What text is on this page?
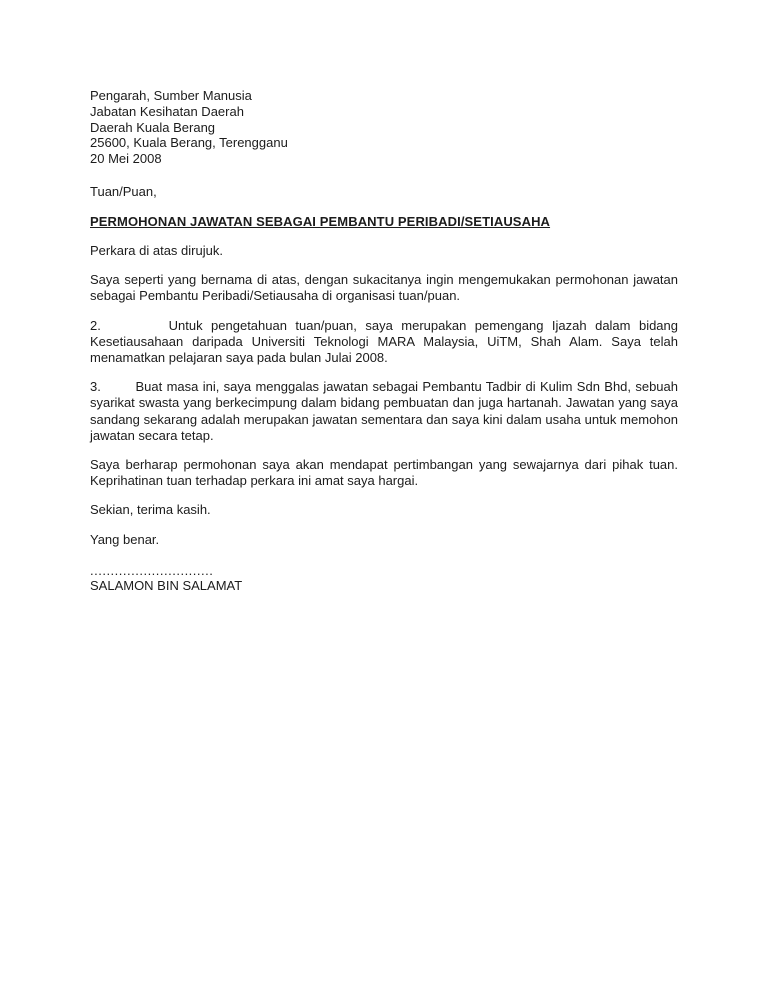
Pengarah, Sumber Manusia
Jabatan Kesihatan Daerah
Daerah Kuala Berang
25600, Kuala Berang, Terengganu
20 Mei 2008

Tuan/Puan,

PERMOHONAN JAWATAN SEBAGAI PEMBANTU PERIBADI/SETIAUSAHA

Perkara di atas dirujuk.

Saya seperti yang bernama di atas, dengan sukacitanya ingin mengemukakan permohonan jawatan sebagai Pembantu Peribadi/Setiausaha di organisasi tuan/puan.

2.        Untuk pengetahuan tuan/puan, saya merupakan pemengang Ijazah dalam bidang Kesetiausahaan daripada Universiti Teknologi MARA Malaysia, UiTM, Shah Alam. Saya telah menamatkan pelajaran saya pada bulan Julai 2008.

3.        Buat masa ini, saya menggalas jawatan sebagai Pembantu Tadbir di Kulim Sdn Bhd, sebuah syarikat swasta yang berkecimpung dalam bidang pembuatan dan juga hartanah. Jawatan yang saya sandang sekarang adalah merupakan jawatan sementara dan saya kini dalam usaha untuk memohon jawatan secara tetap.

Saya berharap permohonan saya akan mendapat pertimbangan yang sewajarnya dari pihak tuan. Keprihatinan tuan terhadap perkara ini amat saya hargai.

Sekian, terima kasih.

Yang benar.

..............................
SALAMON BIN SALAMAT
